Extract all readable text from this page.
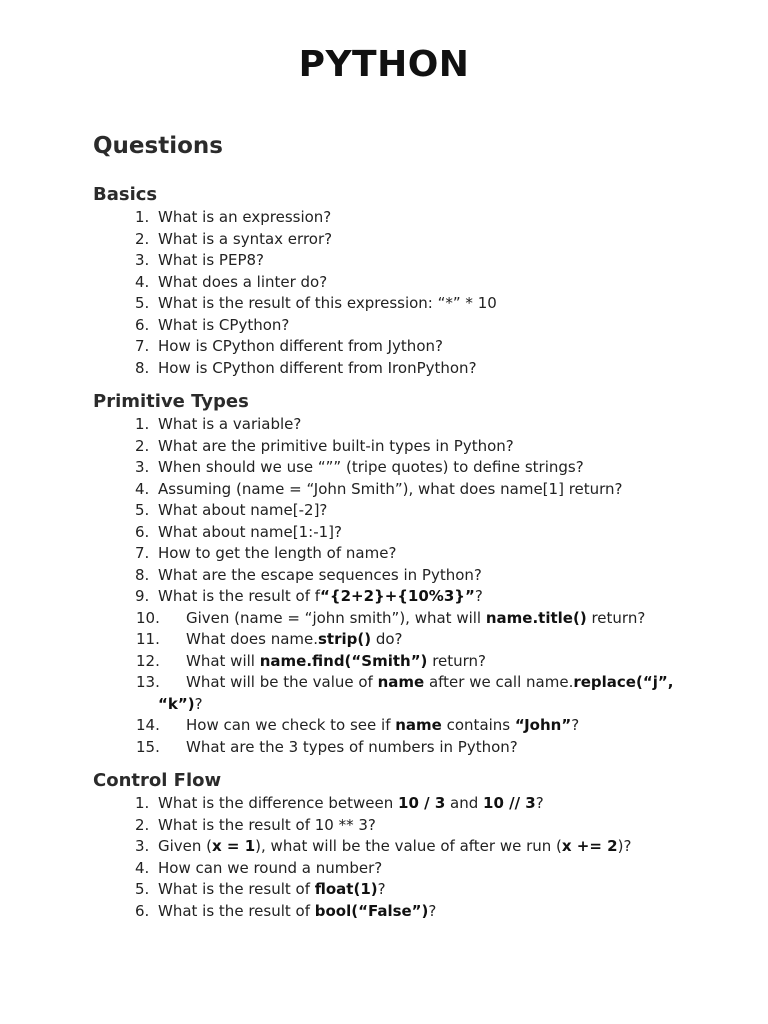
PYTHON
Questions
Basics
1. What is an expression?
2. What is a syntax error?
3. What is PEP8?
4. What does a linter do?
5. What is the result of this expression: “*” * 10
6. What is CPython?
7. How is CPython different from Jython?
8. How is CPython different from IronPython?
Primitive Types
1. What is a variable?
2. What are the primitive built-in types in Python?
3. When should we use “”” (tripe quotes) to define strings?
4. Assuming (name = “John Smith”), what does name[1] return?
5. What about name[-2]?
6. What about name[1:-1]?
7. How to get the length of name?
8. What are the escape sequences in Python?
9. What is the result of f“{2+2}+{10%3}”?
10. Given (name = “john smith”), what will name.title() return?
11. What does name.strip() do?
12. What will name.find(“Smith”) return?
13. What will be the value of name after we call name.replace(“j”,
“k”)?
14. How can we check to see if name contains “John”?
15. What are the 3 types of numbers in Python?
Control Flow
1. What is the difference between 10 / 3 and 10 // 3?
2. What is the result of 10 ** 3?
3. Given (x = 1), what will be the value of after we run (x += 2)?
4. How can we round a number?
5. What is the result of float(1)?
6. What is the result of bool(“False”)?
